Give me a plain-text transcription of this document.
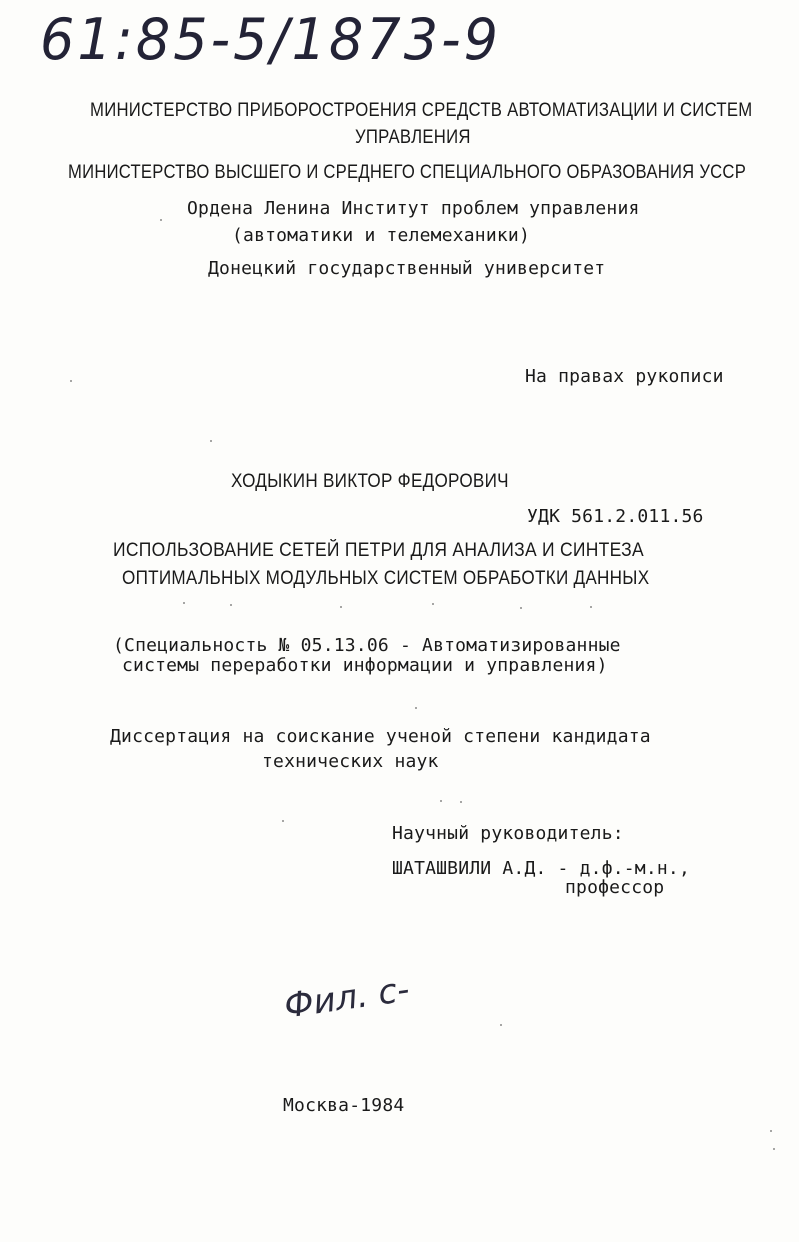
61:85-5/1873-9
МИНИСТЕРСТВО ПРИБОРОСТРОЕНИЯ СРЕДСТВ АВТОМАТИЗАЦИИ И СИСТЕМ
УПРАВЛЕНИЯ
МИНИСТЕРСТВО ВЫСШЕГО И СРЕДНЕГО СПЕЦИАЛЬНОГО ОБРАЗОВАНИЯ УССР
Ордена Ленина Институт проблем управления
(автоматики и телемеханики)
Донецкий государственный университет
На правах рукописи
ХОДЫКИН ВИКТОР ФЕДОРОВИЧ
УДК 561.2.011.56
ИСПОЛЬЗОВАНИЕ СЕТЕЙ ПЕТРИ ДЛЯ АНАЛИЗА И СИНТЕЗА
ОПТИМАЛЬНЫХ МОДУЛЬНЫХ СИСТЕМ ОБРАБОТКИ ДАННЫХ
(Специальность № 05.13.06 - Автоматизированные
системы переработки информации и управления)
Диссертация на соискание ученой степени кандидата
технических наук
Научный руководитель:
ШАТАШВИЛИ А.Д. - д.ф.-м.н.,
профессор
Фил. с-
Москва-1984
